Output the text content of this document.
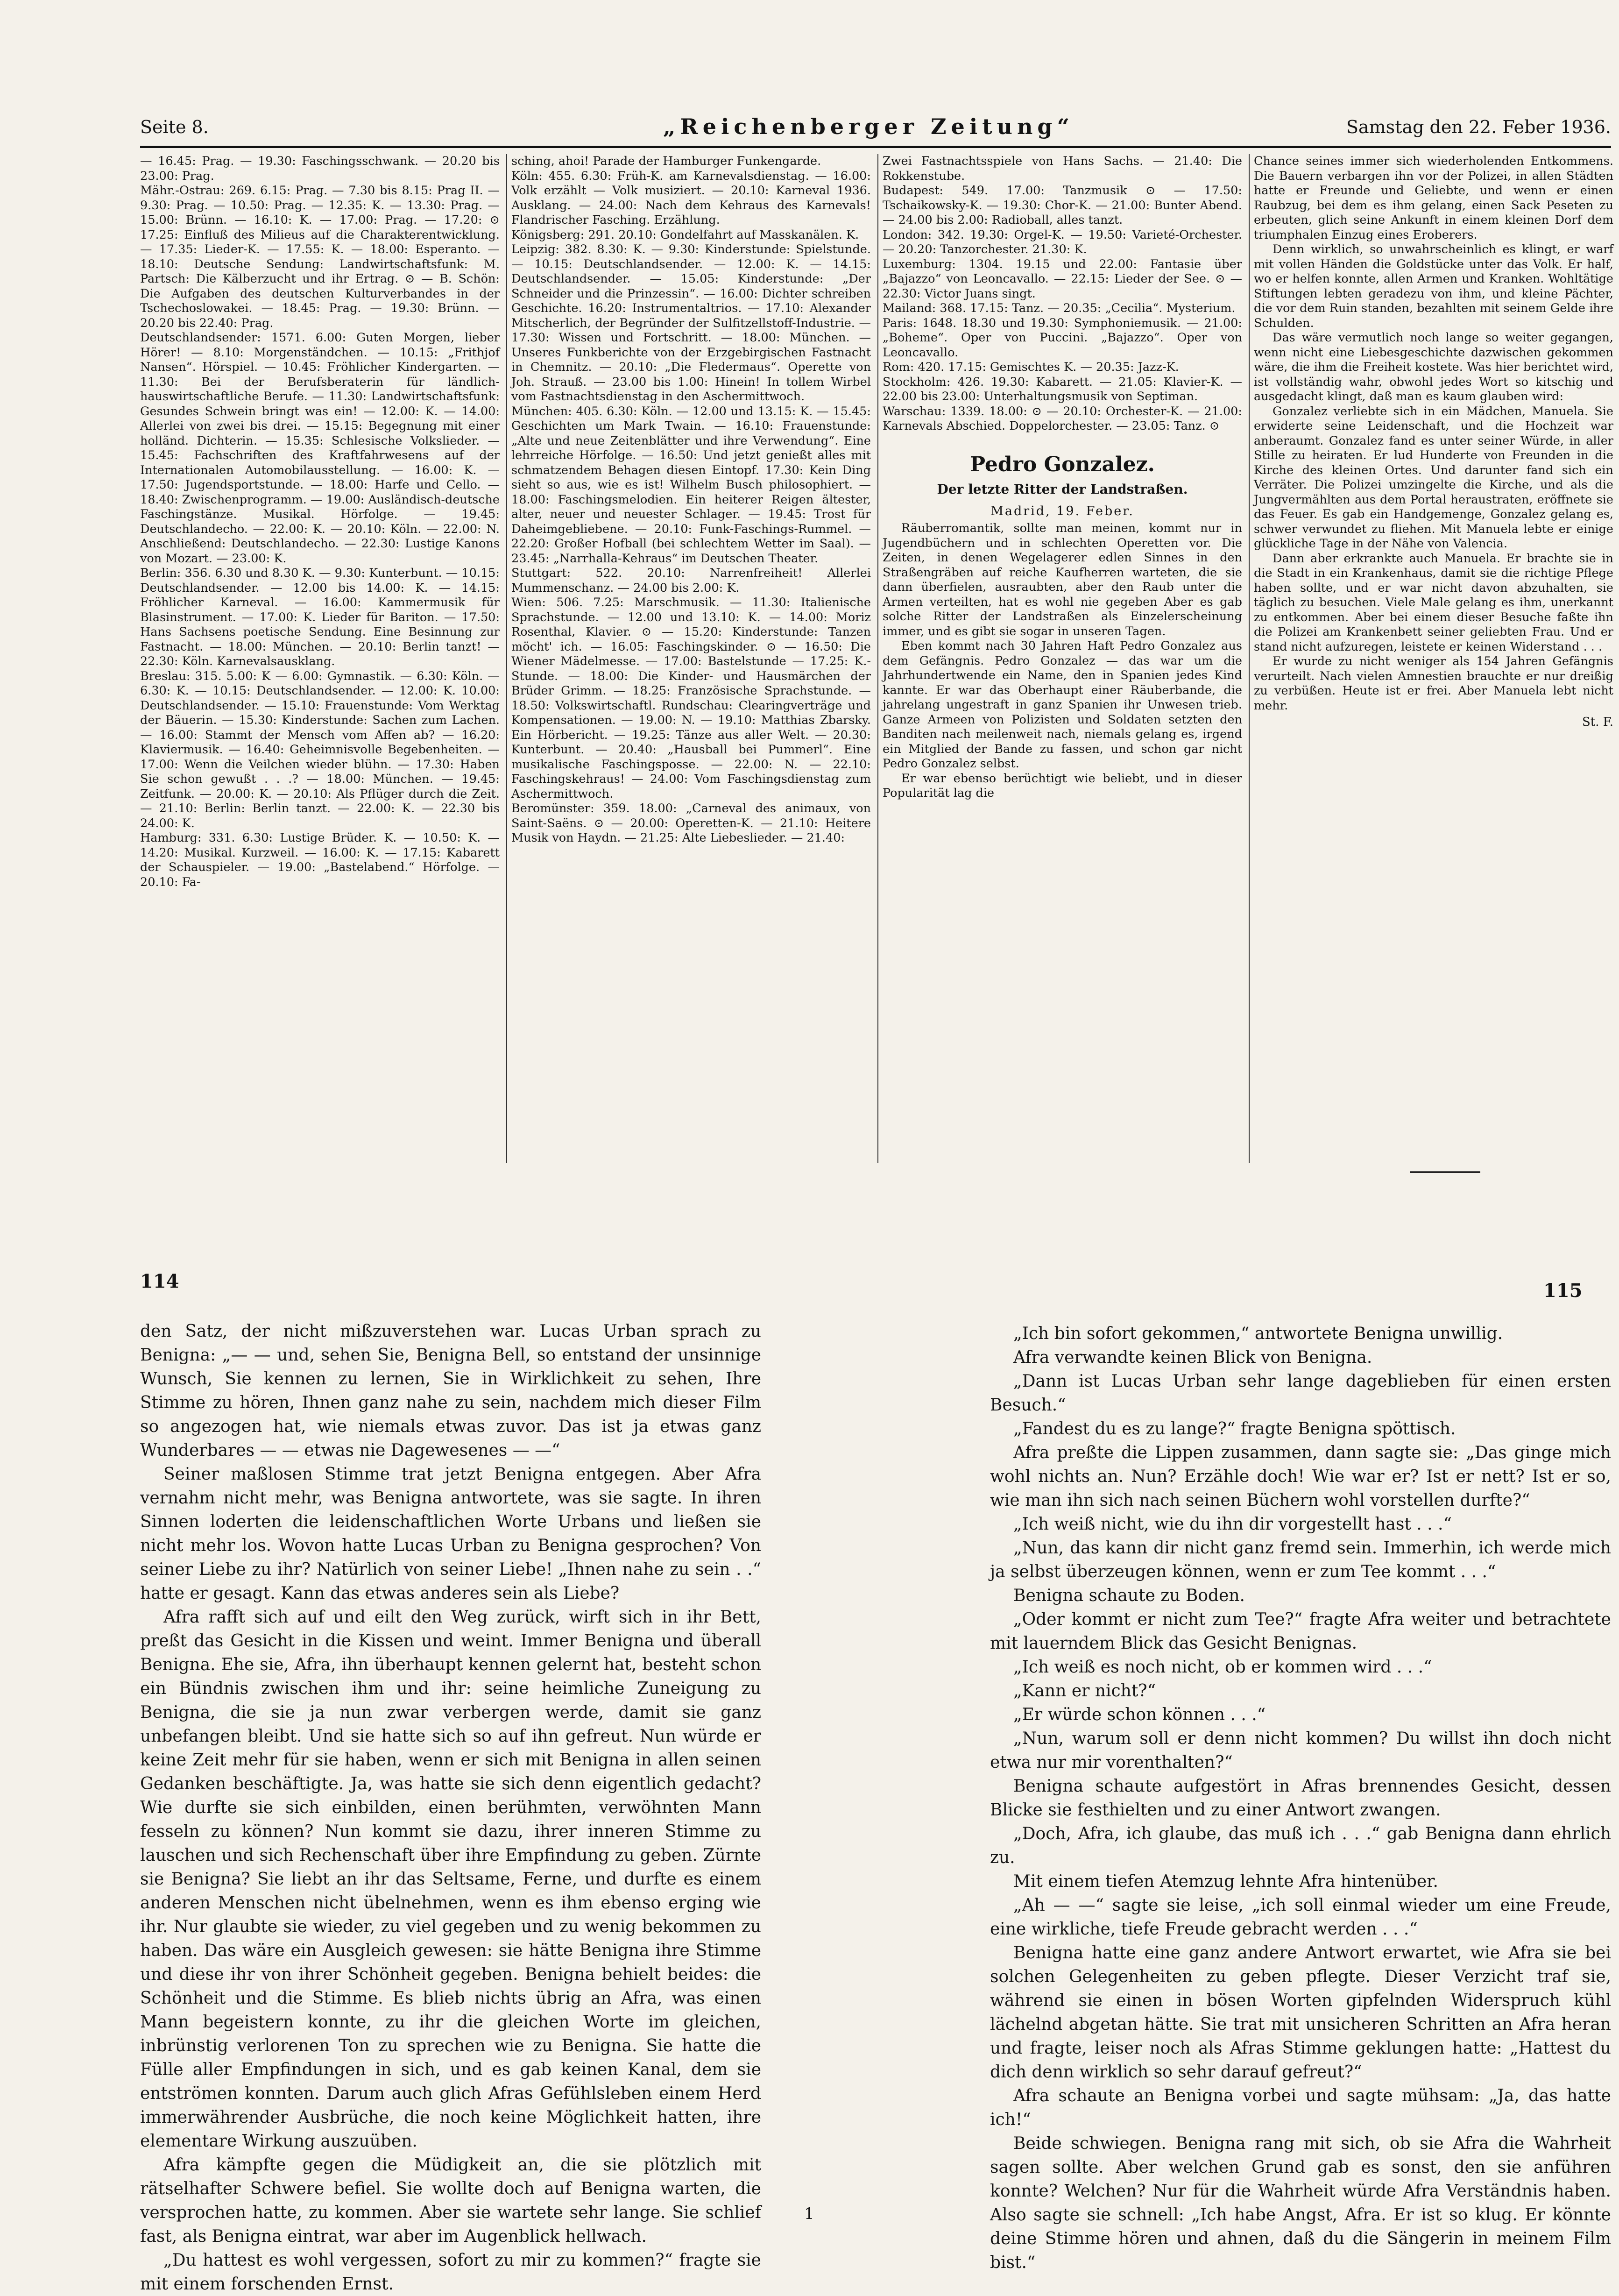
Seite 8.	„Reichenberger Zeitung“	Samstag den 22. Feber 1936.

— 16.45: Prag. — 19.30: Faschingsschwank. — 20.20 bis 23.00: Prag.

Mähr.-Ostrau: 269. 6.15: Prag. — 7.30 bis 8.15: Prag II. — 9.30: Prag. — 10.50: Prag. — 12.35: K. — 13.30: Prag. — 15.00: Brünn. — 16.10: K. — 17.00: Prag. — 17.20: ⊙ 17.25: Einfluß des Milieus auf die Charakterentwicklung. — 17.35: Lieder-K. — 17.55: K. — 18.00: Esperanto. — 18.10: Deutsche Sendung: Landwirtschaftsfunk: M. Partsch: Die Kälberzucht und ihr Ertrag. ⊙ — B. Schön: Die Aufgaben des deutschen Kulturverbandes in der Tschechoslowakei. — 18.45: Prag. — 19.30: Brünn. — 20.20 bis 22.40: Prag.

Deutschlandsender: 1571. 6.00: Guten Morgen, lieber Hörer! — 8.10: Morgenständchen. — 10.15: „Frithjof Nansen“. Hörspiel. — 10.45: Fröhlicher Kindergarten. — 11.30: Bei der Berufsberaterin für ländlich-hauswirtschaftliche Berufe. — 11.30: Landwirtschaftsfunk: Gesundes Schwein bringt was ein! — 12.00: K. — 14.00: Allerlei von zwei bis drei. — 15.15: Begegnung mit einer holländ. Dichterin. — 15.35: Schlesische Volkslieder. — 15.45: Fachschriften des Kraftfahrwesens auf der Internationalen Automobilausstellung. — 16.00: K. — 17.50: Jugendsportstunde. — 18.00: Harfe und Cello. — 18.40: Zwischenprogramm. — 19.00: Ausländisch-deutsche Faschingstänze. Musikal. Hörfolge. — 19.45: Deutschlandecho. — 22.00: K. — 20.10: Köln. — 22.00: N. Anschließend: Deutschlandecho. — 22.30: Lustige Kanons von Mozart. — 23.00: K.

Berlin: 356. 6.30 und 8.30 K. — 9.30: Kunterbunt. — 10.15: Deutschlandsender. — 12.00 bis 14.00: K. — 14.15: Fröhlicher Karneval. — 16.00: Kammermusik für Blasinstrument. — 17.00: K. Lieder für Bariton. — 17.50: Hans Sachsens poetische Sendung. Eine Besinnung zur Fastnacht. — 18.00: München. — 20.10: Berlin tanzt! — 22.30: Köln. Karnevalsausklang.

Breslau: 315. 5.00: K — 6.00: Gymnastik. — 6.30: Köln. — 6.30: K. — 10.15: Deutschlandsender. — 12.00: K. 10.00: Deutschlandsender. — 15.10: Frauenstunde: Vom Werktag der Bäuerin. — 15.30: Kinderstunde: Sachen zum Lachen. — 16.00: Stammt der Mensch vom Affen ab? — 16.20: Klaviermusik. — 16.40: Geheimnisvolle Begebenheiten. — 17.00: Wenn die Veilchen wieder blühn. — 17.30: Haben Sie schon gewußt . . .? — 18.00: München. — 19.45: Zeitfunk. — 20.00: K. — 20.10: Als Pflüger durch die Zeit. — 21.10: Berlin: Berlin tanzt. — 22.00: K. — 22.30 bis 24.00: K.

Hamburg: 331. 6.30: Lustige Brüder. K. — 10.50: K. — 14.20: Musikal. Kurzweil. — 16.00: K. — 17.15: Kabarett der Schauspieler. — 19.00: „Bastelabend.“ Hörfolge. — 20.10: Fa-

sching, ahoi! Parade der Hamburger Funkengarde.

Köln: 455. 6.30: Früh-K. am Karnevalsdienstag. — 16.00: Volk erzählt — Volk musiziert. — 20.10: Karneval 1936. Ausklang. — 24.00: Nach dem Kehraus des Karnevals! Flandrischer Fasching. Erzählung.

Königsberg: 291. 20.10: Gondelfahrt auf Masskanälen. K.

Leipzig: 382. 8.30: K. — 9.30: Kinderstunde: Spielstunde. — 10.15: Deutschlandsender. — 12.00: K. — 14.15: Deutschlandsender. — 15.05: Kinderstunde: „Der Schneider und die Prinzessin“. — 16.00: Dichter schreiben Geschichte. 16.20: Instrumentaltrios. — 17.10: Alexander Mitscherlich, der Begründer der Sulfitzellstoff-Industrie. — 17.30: Wissen und Fortschritt. — 18.00: München. — Unseres Funkberichte von der Erzgebirgischen Fastnacht in Chemnitz. — 20.10: „Die Fledermaus“. Operette von Joh. Strauß. — 23.00 bis 1.00: Hinein! In tollem Wirbel vom Fastnachtsdienstag in den Aschermittwoch.

München: 405. 6.30: Köln. — 12.00 und 13.15: K. — 15.45: Geschichten um Mark Twain. — 16.10: Frauenstunde: „Alte und neue Zeitenblätter und ihre Verwendung“. Eine lehrreiche Hörfolge. — 16.50: Und jetzt genießt alles mit schmatzendem Behagen diesen Eintopf. 17.30: Kein Ding sieht so aus, wie es ist! Wilhelm Busch philosophiert. — 18.00: Faschingsmelodien. Ein heiterer Reigen ältester, alter, neuer und neuester Schlager. — 19.45: Trost für Daheimgebliebene. — 20.10: Funk-Faschings-Rummel. — 22.20: Großer Hofball (bei schlechtem Wetter im Saal). — 23.45: „Narrhalla-Kehraus“ im Deutschen Theater.

Stuttgart: 522. 20.10: Narrenfreiheit! Allerlei Mummenschanz. — 24.00 bis 2.00: K.

Wien: 506. 7.25: Marschmusik. — 11.30: Italienische Sprachstunde. — 12.00 und 13.10: K. — 14.00: Moriz Rosenthal, Klavier. ⊙ — 15.20: Kinderstunde: Tanzen möcht' ich. — 16.05: Faschingskinder. ⊙ — 16.50: Die Wiener Mädelmesse. — 17.00: Bastelstunde — 17.25: K.-Stunde. — 18.00: Die Kinder- und Hausmärchen der Brüder Grimm. — 18.25: Französische Sprachstunde. — 18.50: Volkswirtschaftl. Rundschau: Clearingverträge und Kompensationen. — 19.00: N. — 19.10: Matthias Zbarsky. Ein Hörbericht. — 19.25: Tänze aus aller Welt. — 20.30: Kunterbunt. — 20.40: „Hausball bei Pummerl“. Eine musikalische Faschingsposse. — 22.00: N. — 22.10: Faschingskehraus! — 24.00: Vom Faschingsdienstag zum Aschermittwoch.

Beromünster: 359. 18.00: „Carneval des animaux, von Saint-Saëns. ⊙ — 20.00: Operetten-K. — 21.10: Heitere Musik von Haydn. — 21.25: Alte Liebeslieder. — 21.40:

Zwei Fastnachtsspiele von Hans Sachs. — 21.40: Die Rokkenstube.

Budapest: 549. 17.00: Tanzmusik ⊙ — 17.50: Tschaikowsky-K. — 19.30: Chor-K. — 21.00: Bunter Abend. — 24.00 bis 2.00: Radioball, alles tanzt.

London: 342. 19.30: Orgel-K. — 19.50: Varieté-Orchester. — 20.20: Tanzorchester. 21.30: K.

Luxemburg: 1304. 19.15 und 22.00: Fantasie über „Bajazzo“ von Leoncavallo. — 22.15: Lieder der See. ⊙ — 22.30: Victor Juans singt.

Mailand: 368. 17.15: Tanz. — 20.35: „Cecilia“. Mysterium.

Paris: 1648. 18.30 und 19.30: Symphoniemusik. — 21.00: „Boheme“. Oper von Puccini. „Bajazzo“. Oper von Leoncavallo.

Rom: 420. 17.15: Gemischtes K. — 20.35: Jazz-K.

Stockholm: 426. 19.30: Kabarett. — 21.05: Klavier-K. — 22.00 bis 23.00: Unterhaltungsmusik von Septiman.

Warschau: 1339. 18.00: ⊙ — 20.10: Orchester-K. — 21.00: Karnevals Abschied. Doppelorchester. — 23.05: Tanz. ⊙

Pedro Gonzalez.
Der letzte Ritter der Landstraßen.
Madrid, 19. Feber.

Räuberromantik, sollte man meinen, kommt nur in Jugendbüchern und in schlechten Operetten vor. Die Zeiten, in denen Wegelagerer edlen Sinnes in den Straßengräben auf reiche Kaufherren warteten, die sie dann überfielen, ausraubten, aber den Raub unter die Armen verteilten, hat es wohl nie gegeben Aber es gab solche Ritter der Landstraßen als Einzelerscheinung immer, und es gibt sie sogar in unseren Tagen.

Eben kommt nach 30 Jahren Haft Pedro Gonzalez aus dem Gefängnis. Pedro Gonzalez — das war um die Jahrhundertwende ein Name, den in Spanien jedes Kind kannte. Er war das Oberhaupt einer Räuberbande, die jahrelang ungestraft in ganz Spanien ihr Unwesen trieb. Ganze Armeen von Polizisten und Soldaten setzten den Banditen nach meilenweit nach, niemals gelang es, irgend ein Mitglied der Bande zu fassen, und schon gar nicht Pedro Gonzalez selbst.

Er war ebenso berüchtigt wie beliebt, und in dieser Popularität lag die

Chance seines immer sich wiederholenden Entkommens. Die Bauern verbargen ihn vor der Polizei, in allen Städten hatte er Freunde und Geliebte, und wenn er einen Raubzug, bei dem es ihm gelang, einen Sack Peseten zu erbeuten, glich seine Ankunft in einem kleinen Dorf dem triumphalen Einzug eines Eroberers.

Denn wirklich, so unwahrscheinlich es klingt, er warf mit vollen Händen die Goldstücke unter das Volk. Er half, wo er helfen konnte, allen Armen und Kranken. Wohltätige Stiftungen lebten geradezu von ihm, und kleine Pächter, die vor dem Ruin standen, bezahlten mit seinem Gelde ihre Schulden.

Das wäre vermutlich noch lange so weiter gegangen, wenn nicht eine Liebesgeschichte dazwischen gekommen wäre, die ihm die Freiheit kostete. Was hier berichtet wird, ist vollständig wahr, obwohl jedes Wort so kitschig und ausgedacht klingt, daß man es kaum glauben wird:

Gonzalez verliebte sich in ein Mädchen, Manuela. Sie erwiderte seine Leidenschaft, und die Hochzeit war anberaumt. Gonzalez fand es unter seiner Würde, in aller Stille zu heiraten. Er lud Hunderte von Freunden in die Kirche des kleinen Ortes. Und darunter fand sich ein Verräter. Die Polizei umzingelte die Kirche, und als die Jungvermählten aus dem Portal heraustraten, eröffnete sie das Feuer. Es gab ein Handgemenge, Gonzalez gelang es, schwer verwundet zu fliehen. Mit Manuela lebte er einige glückliche Tage in der Nähe von Valencia.

Dann aber erkrankte auch Manuela. Er brachte sie in die Stadt in ein Krankenhaus, damit sie die richtige Pflege haben sollte, und er war nicht davon abzuhalten, sie täglich zu besuchen. Viele Male gelang es ihm, unerkannt zu entkommen. Aber bei einem dieser Besuche faßte ihn die Polizei am Krankenbett seiner geliebten Frau. Und er stand nicht aufzuregen, leistete er keinen Widerstand . . .

Er wurde zu nicht weniger als 154 Jahren Gefängnis verurteilt. Nach vielen Amnestien brauchte er nur dreißig zu verbüßen. Heute ist er frei. Aber Manuela lebt nicht mehr.

St. F.
114	115

den Satz, der nicht mißzuverstehen war. Lucas Urban sprach zu Benigna: „— — und, sehen Sie, Benigna Bell, so entstand der unsinnige Wunsch, Sie kennen zu lernen, Sie in Wirklichkeit zu sehen, Ihre Stimme zu hören, Ihnen ganz nahe zu sein, nachdem mich dieser Film so angezogen hat, wie niemals etwas zuvor. Das ist ja etwas ganz Wunderbares — — etwas nie Dagewesenes — —“

Seiner maßlosen Stimme trat jetzt Benigna entgegen. Aber Afra vernahm nicht mehr, was Benigna antwortete, was sie sagte. In ihren Sinnen loderten die leidenschaftlichen Worte Urbans und ließen sie nicht mehr los. Wovon hatte Lucas Urban zu Benigna gesprochen? Von seiner Liebe zu ihr? Natürlich von seiner Liebe! „Ihnen nahe zu sein . .“ hatte er gesagt. Kann das etwas anderes sein als Liebe?

Afra rafft sich auf und eilt den Weg zurück, wirft sich in ihr Bett, preßt das Gesicht in die Kissen und weint. Immer Benigna und überall Benigna. Ehe sie, Afra, ihn überhaupt kennen gelernt hat, besteht schon ein Bündnis zwischen ihm und ihr: seine heimliche Zuneigung zu Benigna, die sie ja nun zwar verbergen werde, damit sie ganz unbefangen bleibt. Und sie hatte sich so auf ihn gefreut. Nun würde er keine Zeit mehr für sie haben, wenn er sich mit Benigna in allen seinen Gedanken beschäftigte. Ja, was hatte sie sich denn eigentlich gedacht? Wie durfte sie sich einbilden, einen berühmten, verwöhnten Mann fesseln zu können? Nun kommt sie dazu, ihrer inneren Stimme zu lauschen und sich Rechenschaft über ihre Empfindung zu geben. Zürnte sie Benigna? Sie liebt an ihr das Seltsame, Ferne, und durfte es einem anderen Menschen nicht übelnehmen, wenn es ihm ebenso erging wie ihr. Nur glaubte sie wieder, zu viel gegeben und zu wenig bekommen zu haben. Das wäre ein Ausgleich gewesen: sie hätte Benigna ihre Stimme und diese ihr von ihrer Schönheit gegeben. Benigna behielt beides: die Schönheit und die Stimme. Es blieb nichts übrig an Afra, was einen Mann begeistern konnte, zu ihr die gleichen Worte im gleichen, inbrünstig verlorenen Ton zu sprechen wie zu Benigna. Sie hatte die Fülle aller Empfindungen in sich, und es gab keinen Kanal, dem sie entströmen konnten. Darum auch glich Afras Gefühlsleben einem Herd immerwährender Ausbrüche, die noch keine Möglichkeit hatten, ihre elementare Wirkung auszuüben.

Afra kämpfte gegen die Müdigkeit an, die sie plötzlich mit rätselhafter Schwere befiel. Sie wollte doch auf Benigna warten, die versprochen hatte, zu kommen. Aber sie wartete sehr lange. Sie schlief fast, als Benigna eintrat, war aber im Augenblick hellwach.

„Du hattest es wohl vergessen, sofort zu mir zu kommen?“ fragte sie mit einem forschenden Ernst.

„Ich bin sofort gekommen,“ antwortete Benigna unwillig.

Afra verwandte keinen Blick von Benigna.

„Dann ist Lucas Urban sehr lange dageblieben für einen ersten Besuch.“

„Fandest du es zu lange?“ fragte Benigna spöttisch.

Afra preßte die Lippen zusammen, dann sagte sie: „Das ginge mich wohl nichts an. Nun? Erzähle doch! Wie war er? Ist er nett? Ist er so, wie man ihn sich nach seinen Büchern wohl vorstellen durfte?“

„Ich weiß nicht, wie du ihn dir vorgestellt hast . . .“

„Nun, das kann dir nicht ganz fremd sein. Immerhin, ich werde mich ja selbst überzeugen können, wenn er zum Tee kommt . . .“

Benigna schaute zu Boden.

„Oder kommt er nicht zum Tee?“ fragte Afra weiter und betrachtete mit lauerndem Blick das Gesicht Benignas.

„Ich weiß es noch nicht, ob er kommen wird . . .“

„Kann er nicht?“

„Er würde schon können . . .“

„Nun, warum soll er denn nicht kommen? Du willst ihn doch nicht etwa nur mir vorenthalten?“

Benigna schaute aufgestört in Afras brennendes Gesicht, dessen Blicke sie festhielten und zu einer Antwort zwangen.

„Doch, Afra, ich glaube, das muß ich . . .“ gab Benigna dann ehrlich zu.

Mit einem tiefen Atemzug lehnte Afra hintenüber.

„Ah — —“ sagte sie leise, „ich soll einmal wieder um eine Freude, eine wirkliche, tiefe Freude gebracht werden . . .“

Benigna hatte eine ganz andere Antwort erwartet, wie Afra sie bei solchen Gelegenheiten zu geben pflegte. Dieser Verzicht traf sie, während sie einen in bösen Worten gipfelnden Widerspruch kühl lächelnd abgetan hätte. Sie trat mit unsicheren Schritten an Afra heran und fragte, leiser noch als Afras Stimme geklungen hatte: „Hattest du dich denn wirklich so sehr darauf gefreut?“

Afra schaute an Benigna vorbei und sagte mühsam: „Ja, das hatte ich!“

Beide schwiegen. Benigna rang mit sich, ob sie Afra die Wahrheit sagen sollte. Aber welchen Grund gab es sonst, den sie anführen konnte? Welchen? Nur für die Wahrheit würde Afra Verständnis haben. Also sagte sie schnell: „Ich habe Angst, Afra. Er ist so klug. Er könnte deine Stimme hören und ahnen, daß du die Sängerin in meinem Film bist.“

1
